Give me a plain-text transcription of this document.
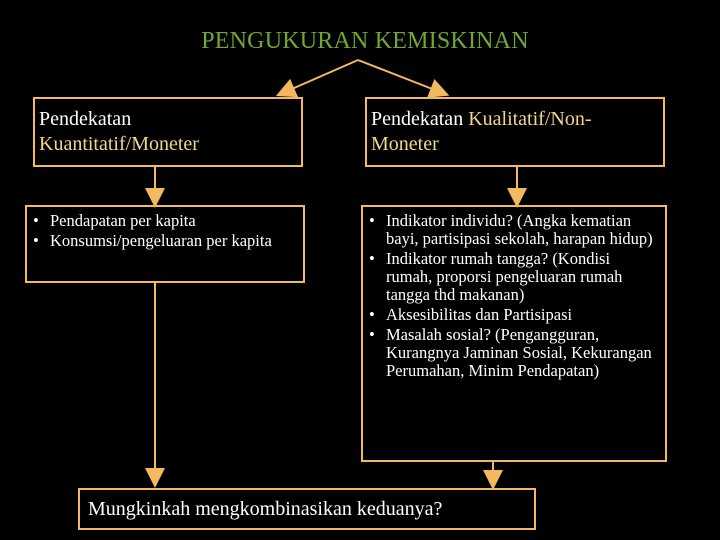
PENGUKURAN KEMISKINAN
Pendekatan
Kuantitatif/Moneter
Pendekatan Kualitatif/Non-
Moneter
• Pendapatan per kapita
• Konsumsi/pengeluaran per kapita
• Indikator individu? (Angka kematian bayi, partisipasi sekolah, harapan hidup)
• Indikator rumah tangga? (Kondisi rumah, proporsi pengeluaran rumah tangga thd makanan)
• Aksesibilitas dan Partisipasi
• Masalah sosial? (Pengangguran, Kurangnya Jaminan Sosial, Kekurangan Perumahan, Minim Pendapatan)
Mungkinkah mengkombinasikan keduanya?
